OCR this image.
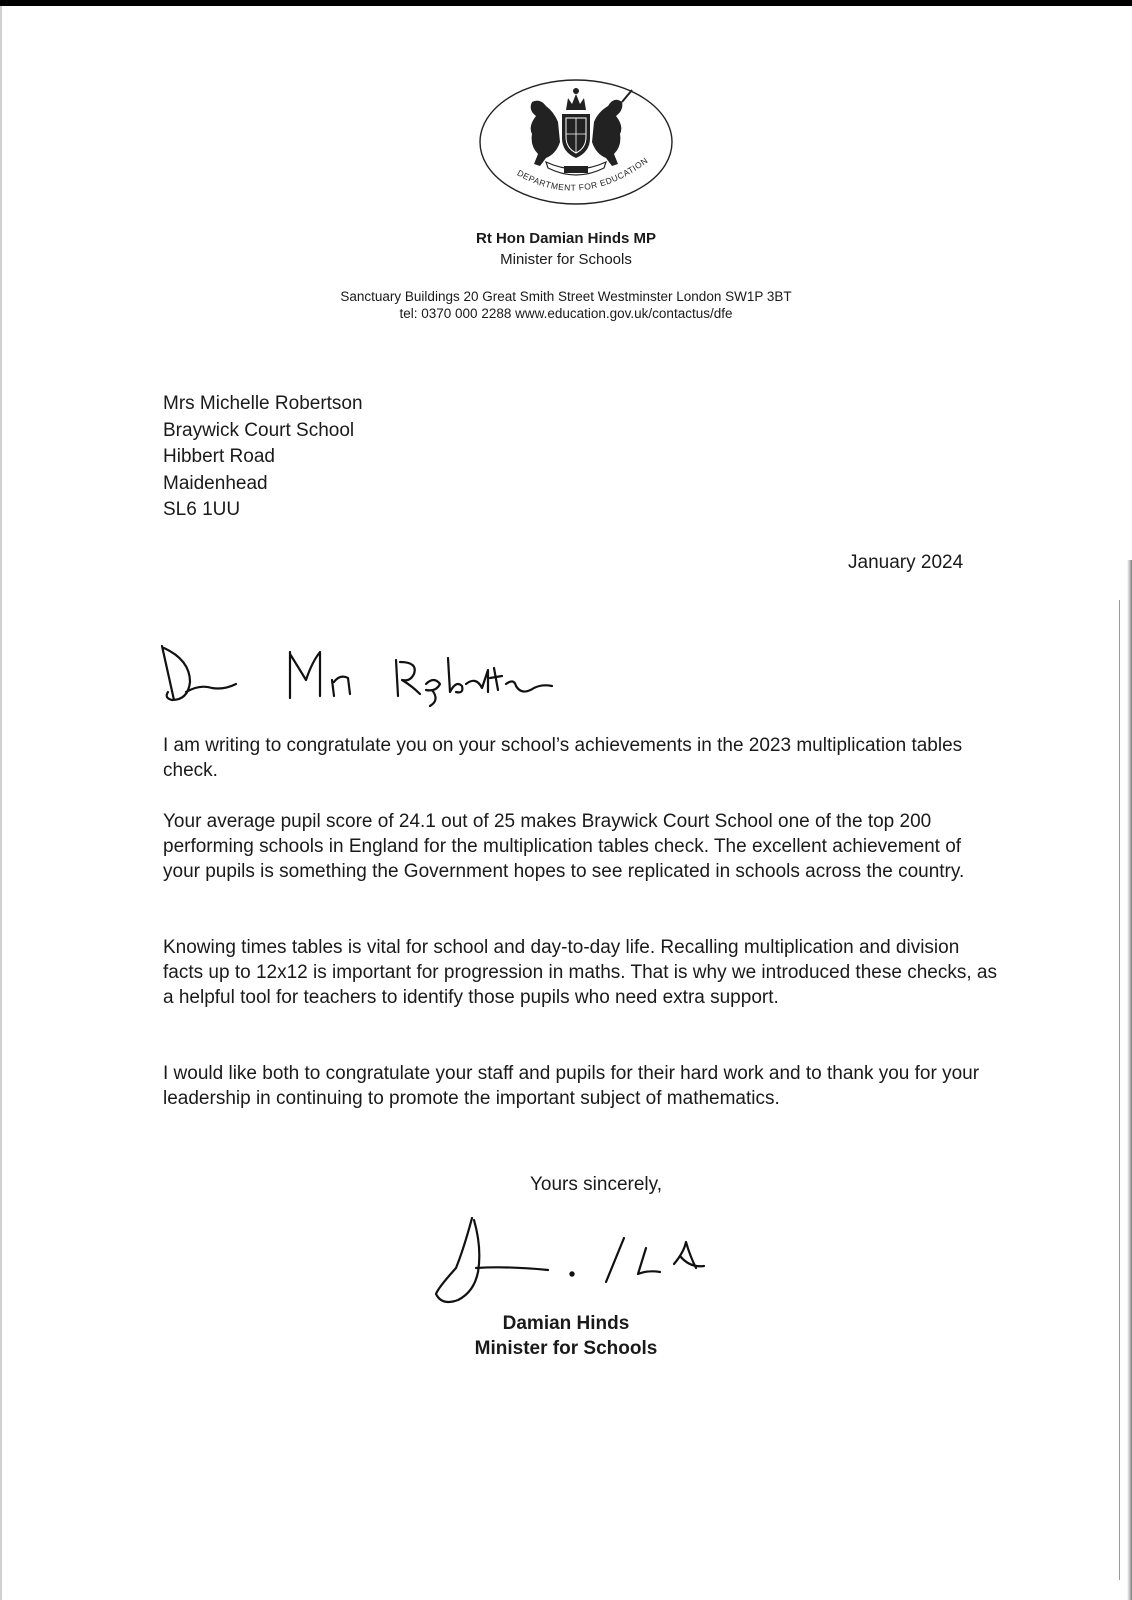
DEPARTMENT FOR EDUCATION
Rt Hon Damian Hinds MP
Minister for Schools
Sanctuary Buildings 20 Great Smith Street Westminster London SW1P 3BT
tel: 0370 000 2288 www.education.gov.uk/contactus/dfe
Mrs Michelle Robertson
Braywick Court School
Hibbert Road
Maidenhead
SL6 1UU
January 2024

I am writing to congratulate you on your school’s achievements in the 2023 multiplication tables check.

Your average pupil score of 24.1 out of 25 makes Braywick Court School one of the top 200 performing schools in England for the multiplication tables check. The excellent achievement of your pupils is something the Government hopes to see replicated in schools across the country.

Knowing times tables is vital for school and day-to-day life. Recalling multiplication and division facts up to 12x12 is important for progression in maths. That is why we introduced these checks, as a helpful tool for teachers to identify those pupils who need extra support.

I would like both to congratulate your staff and pupils for their hard work and to thank you for your leadership in continuing to promote the important subject of mathematics.

Yours sincerely,
Damian Hinds
Minister for Schools
